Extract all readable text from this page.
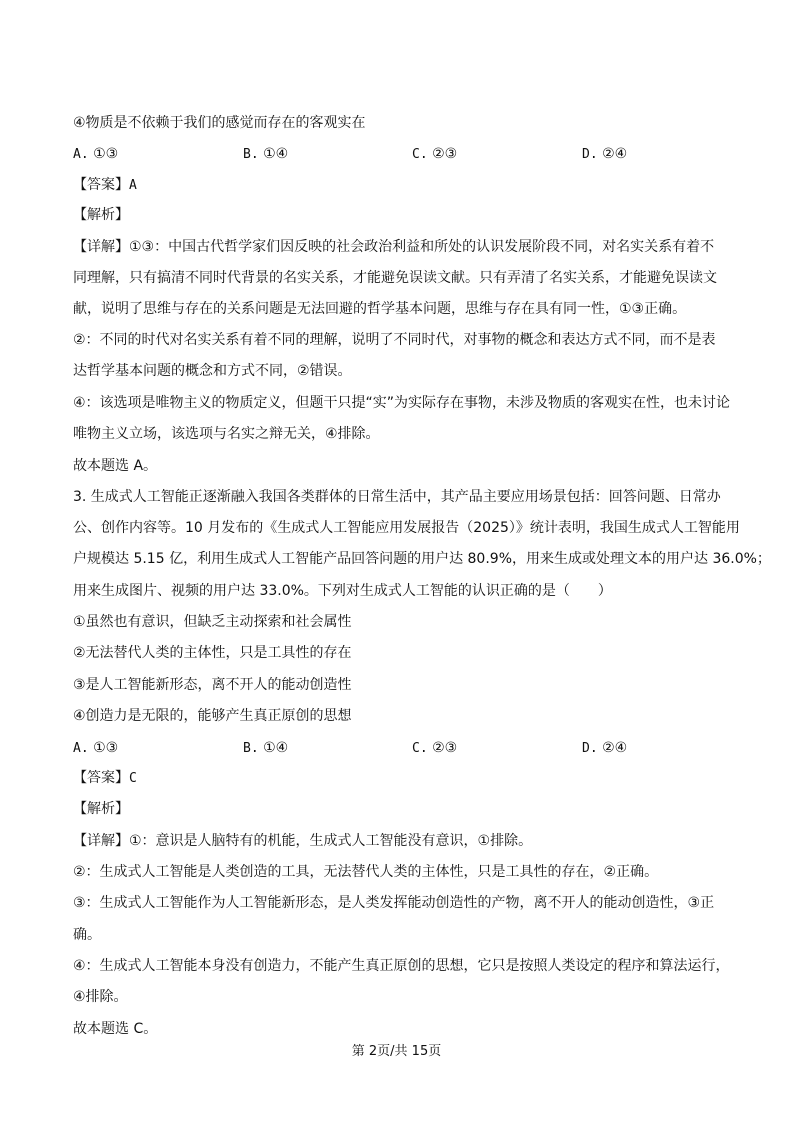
④物质是不依赖于我们的感觉而存在的客观实在
A. ①③	B. ①④	C. ②③	D. ②④
【答案】A
【解析】
【详解】①③：中国古代哲学家们因反映的社会政治利益和所处的认识发展阶段不同，对名实关系有着不
同理解，只有搞清不同时代背景的名实关系，才能避免误读文献。只有弄清了名实关系，才能避免误读文
献，说明了思维与存在的关系问题是无法回避的哲学基本问题，思维与存在具有同一性，①③正确。
②：不同的时代对名实关系有着不同的理解，说明了不同时代，对事物的概念和表达方式不同，而不是表
达哲学基本问题的概念和方式不同，②错误。
④：该选项是唯物主义的物质定义，但题干只提“实”为实际存在事物，未涉及物质的客观实在性，也未讨论
唯物主义立场，该选项与名实之辩无关，④排除。
故本题选 A。
3. 生成式人工智能正逐渐融入我国各类群体的日常生活中，其产品主要应用场景包括：回答问题、日常办
公、创作内容等。10 月发布的《生成式人工智能应用发展报告（2025）》统计表明，我国生成式人工智能用
户规模达 5.15 亿，利用生成式人工智能产品回答问题的用户达 80.9%，用来生成或处理文本的用户达 36.0%；
用来生成图片、视频的用户达 33.0%。下列对生成式人工智能的认识正确的是（　　）
①虽然也有意识，但缺乏主动探索和社会属性
②无法替代人类的主体性，只是工具性的存在
③是人工智能新形态，离不开人的能动创造性
④创造力是无限的，能够产生真正原创的思想
A. ①③	B. ①④	C. ②③	D. ②④
【答案】C
【解析】
【详解】①：意识是人脑特有的机能，生成式人工智能没有意识，①排除。
②：生成式人工智能是人类创造的工具，无法替代人类的主体性，只是工具性的存在，②正确。
③：生成式人工智能作为人工智能新形态，是人类发挥能动创造性的产物，离不开人的能动创造性，③正
确。
④：生成式人工智能本身没有创造力，不能产生真正原创的思想，它只是按照人类设定的程序和算法运行，
④排除。
故本题选 C。
第 2页/共 15页
